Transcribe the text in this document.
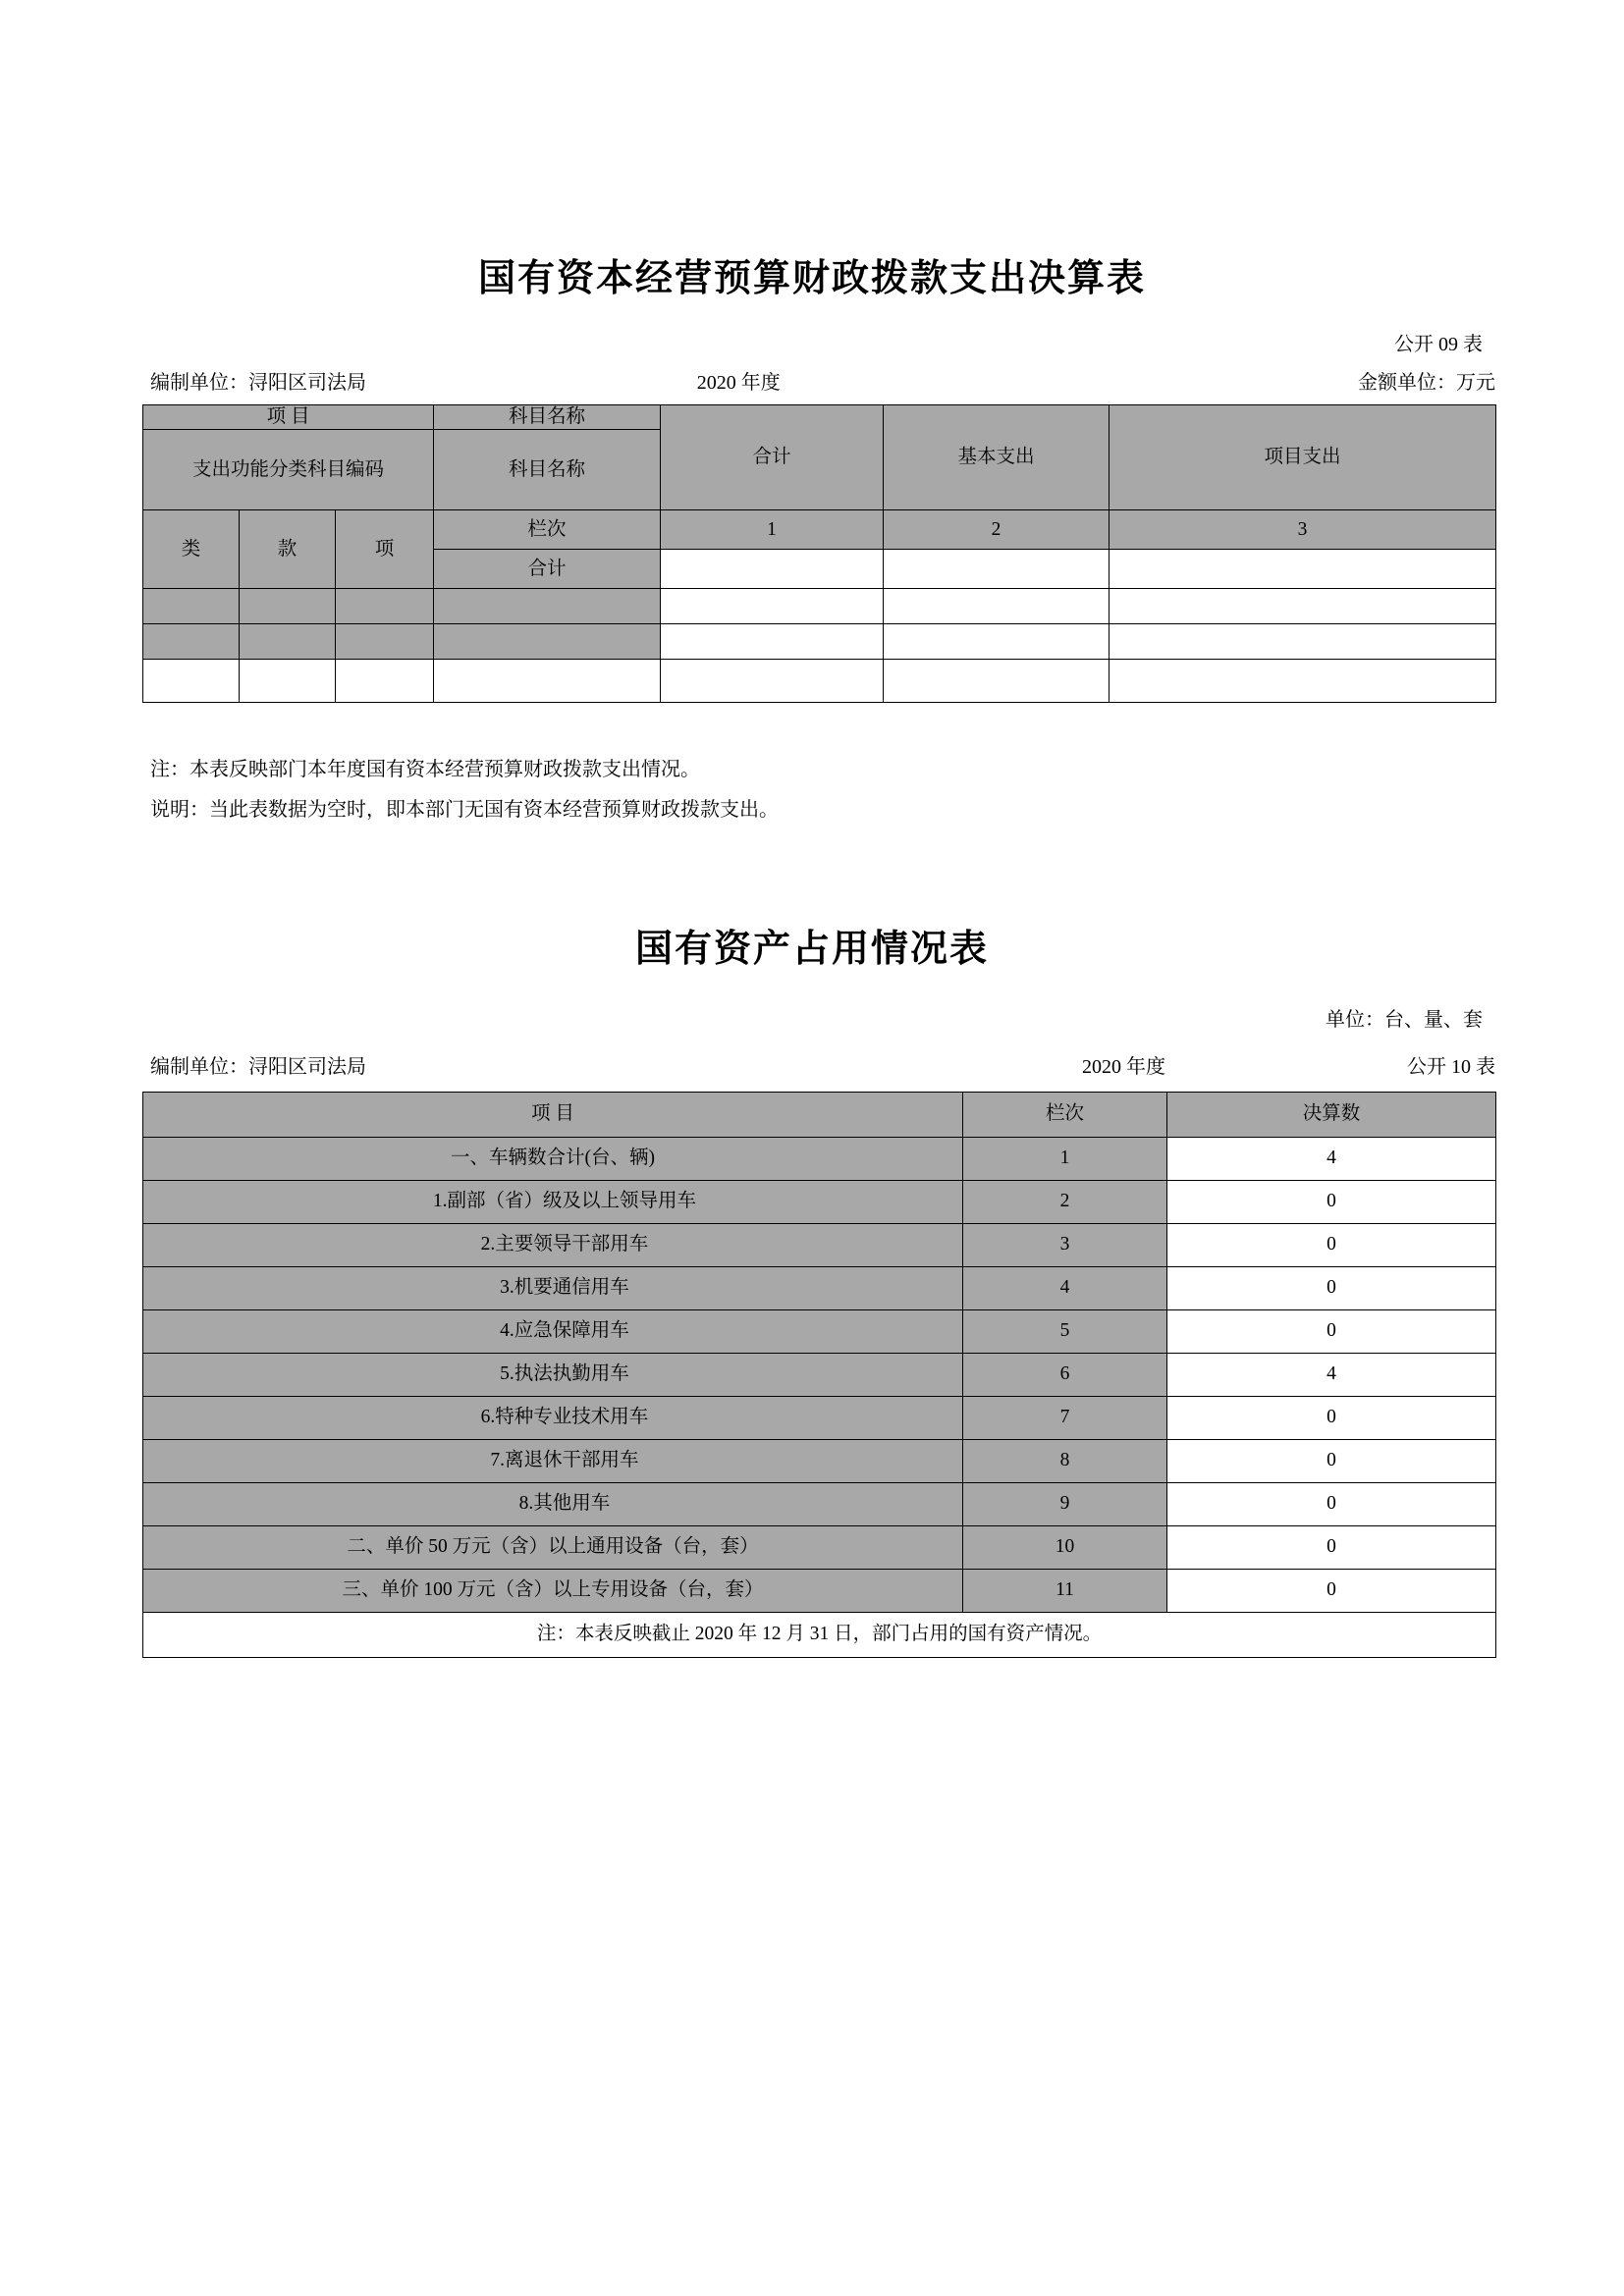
国有资本经营预算财政拨款支出决算表
公开 09 表
编制单位：浔阳区司法局	2020 年度	金额单位：万元
项 目			科目名称	合计	基本支出	项目支出
支出功能分类科目编码			科目名称			
类	款	项	栏次	1	2	3
			合计			

注：本表反映部门本年度国有资本经营预算财政拨款支出情况。
说明：当此表数据为空时，即本部门无国有资本经营预算财政拨款支出。
国有资产占用情况表
单位：台、量、套
编制单位：浔阳区司法局	2020 年度	公开 10 表
项 目	栏次	决算数
一、车辆数合计(台、辆)	1	4
1.副部（省）级及以上领导用车	2	0
2.主要领导干部用车	3	0
3.机要通信用车	4	0
4.应急保障用车	5	0
5.执法执勤用车	6	4
6.特种专业技术用车	7	0
7.离退休干部用车	8	0
8.其他用车	9	0
二、单价 50 万元（含）以上通用设备（台，套）	10	0
三、单价 100 万元（含）以上专用设备（台，套）	11	0
注：本表反映截止 2020 年 12 月 31 日，部门占用的国有资产情况。		
